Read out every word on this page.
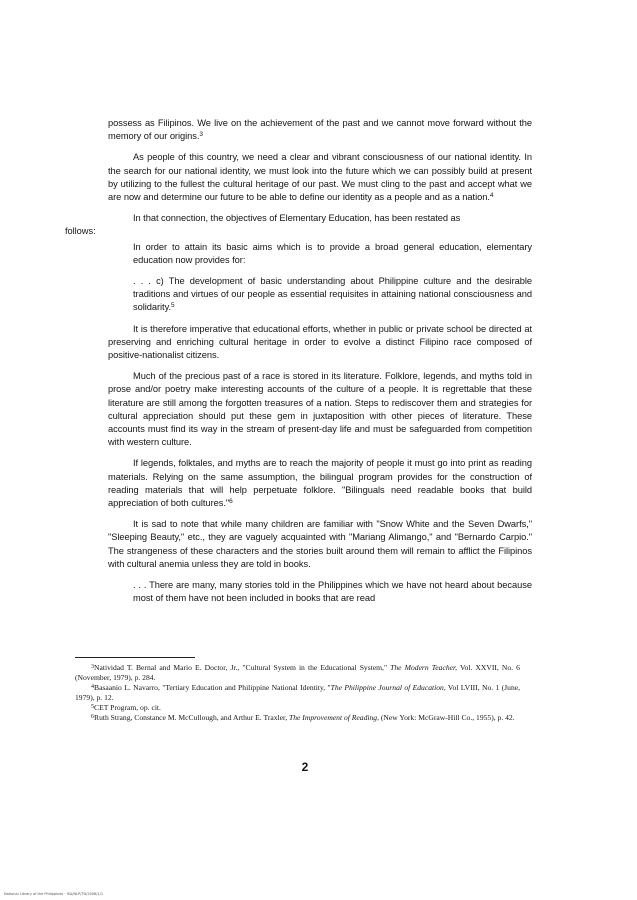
possess as Filipinos. We live on the achievement of the past and we cannot move forward without the memory of our origins.$^3$

As people of this country, we need a clear and vibrant consciousness of our national identity. In the search for our national identity, we must look into the future which we can possibly build at present by utilizing to the fullest the cultural heritage of our past. We must cling to the past and accept what we are now and determine our future to be able to define our identity as a people and as a nation.$^4$

In that connection, the objectives of Elementary Education, has been restated as

follows:

In order to attain its basic aims which is to provide a broad general education, elementary education now provides for:

. . . c) The development of basic understanding about Philippine culture and the desirable traditions and virtues of our people as essential requisites in attaining national consciousness and solidarity.$^5$

It is therefore imperative that educational efforts, whether in public or private school be directed at preserving and enriching cultural heritage in order to evolve a distinct Filipino race composed of positive-nationalist citizens.

Much of the precious past of a race is stored in its literature. Folklore, legends, and myths told in prose and/or poetry make interesting accounts of the culture of a people. It is regrettable that these literature are still among the forgotten treasures of a nation. Steps to rediscover them and strategies for cultural appreciation should put these gem in juxtaposition with other pieces of literature. These accounts must find its way in the stream of present-day life and must be safeguarded from competition with western culture.

If legends, folktales, and myths are to reach the majority of people it must go into print as reading materials. Relying on the same assumption, the bilingual program provides for the construction of reading materials that will help perpetuate folklore. "Bilinguals need readable books that build appreciation of both cultures."$^6$

It is sad to note that while many children are familiar with "Snow White and the Seven Dwarfs," "Sleeping Beauty," etc., they are vaguely acquainted with "Mariang Alimango," and "Bernardo Carpio." The strangeness of these characters and the stories built around them will remain to afflict the Filipinos with cultural anemia unless they are told in books.

. . . There are many, many stories told in the Philippines which we have not heard about because most of them have not been included in books that are read

$^3$Natividad T. Bernal and Mario E. Doctor, Jr., "Cultural System in the Educational System," The Modern Teacher, Vol. XXVII, No. 6 (November, 1979), p. 284.

$^4$Basaanio L. Navarro, "Tertiary Education and Philippine National Identity, "The Philippine Journal of Education, Vol LVIII, No. 1 (June, 1979), p. 12.

$^5$CET Program, op. cit.

$^6$Ruth Strang, Constance M. McCullough, and Arthur E. Traxler, The Improvement of Reading, (New York: McGraw-Hill Co., 1955), p. 42.

2
National Library of the Philippines · ISA/NLP/TD/2008/1/1
